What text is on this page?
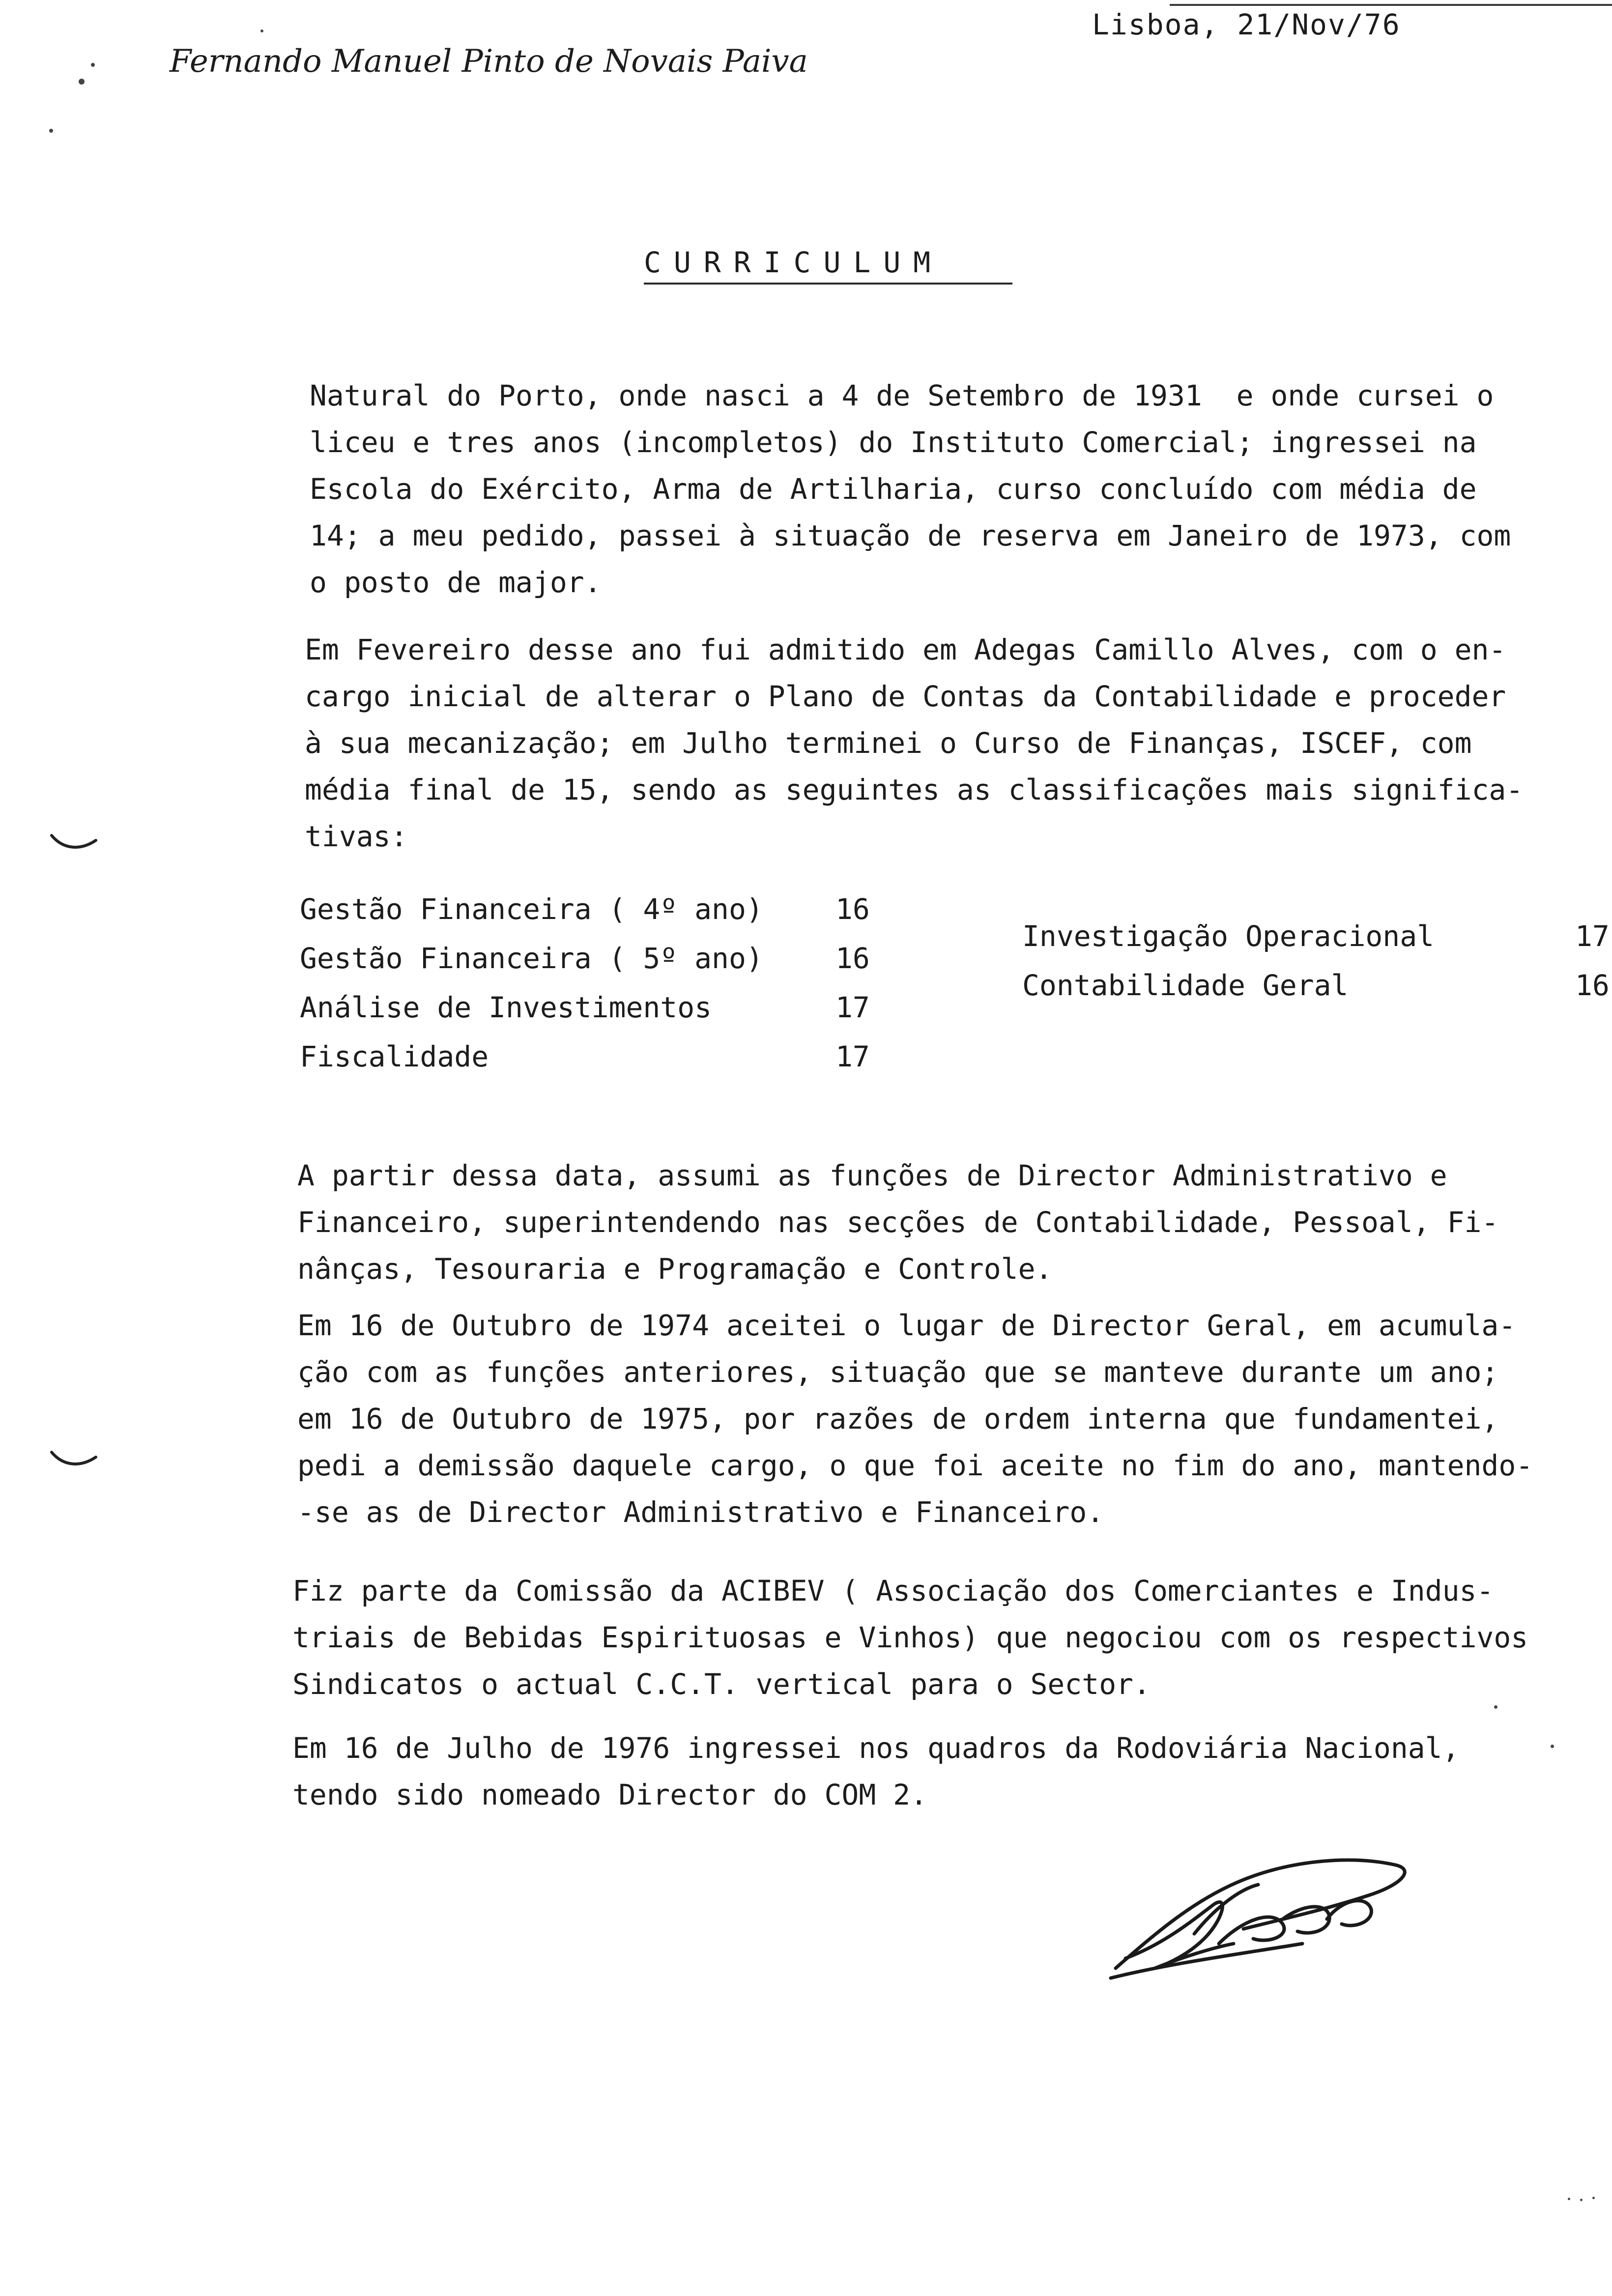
Lisboa, 21/Nov/76
Fernando Manuel Pinto de Novais Paiva
CURRICULUM

Natural do Porto, onde nasci a 4 de Setembro de 1931  e onde cursei o
liceu e tres anos (incompletos) do Instituto Comercial; ingressei na
Escola do Exército, Arma de Artilharia, curso concluído com média de
14; a meu pedido, passei à situação de reserva em Janeiro de 1973, com
o posto de major.

Em Fevereiro desse ano fui admitido em Adegas Camillo Alves, com o en-
cargo inicial de alterar o Plano de Contas da Contabilidade e proceder
à sua mecanização; em Julho terminei o Curso de Finanças, ISCEF, com
média final de 15, sendo as seguintes as classificações mais significa-
tivas:

Gestão Financeira ( 4º ano)	16
Gestão Financeira ( 5º ano)	16
Análise de Investimentos	17
Fiscalidade	17
Investigação Operacional	17
Contabilidade Geral	16

A partir dessa data, assumi as funções de Director Administrativo e
Financeiro, superintendendo nas secções de Contabilidade, Pessoal, Fi-
nânças, Tesouraria e Programação e Controle.

Em 16 de Outubro de 1974 aceitei o lugar de Director Geral, em acumula-
ção com as funções anteriores, situação que se manteve durante um ano;
em 16 de Outubro de 1975, por razões de ordem interna que fundamentei,
pedi a demissão daquele cargo, o que foi aceite no fim do ano, mantendo-
-se as de Director Administrativo e Financeiro.

Fiz parte da Comissão da ACIBEV ( Associação dos Comerciantes e Indus-
triais de Bebidas Espirituosas e Vinhos) que negociou com os respectivos
Sindicatos o actual C.C.T. vertical para o Sector.

Em 16 de Julho de 1976 ingressei nos quadros da Rodoviária Nacional,
tendo sido nomeado Director do COM 2.
